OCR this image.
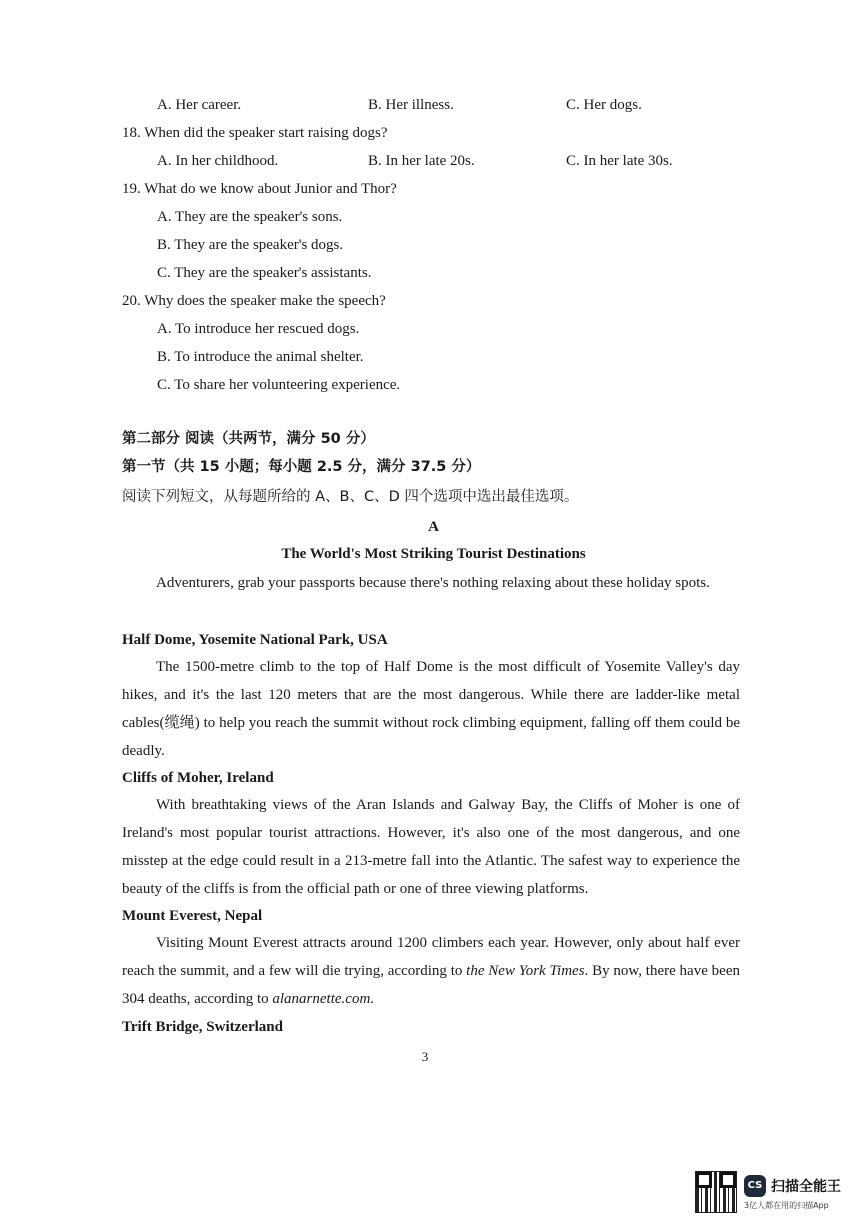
A. Her career.	B. Her illness.	C. Her dogs.
18. When did the speaker start raising dogs?
A. In her childhood.	B. In her late 20s.	C. In her late 30s.
19. What do we know about Junior and Thor?
A. They are the speaker's sons.
B. They are the speaker's dogs.
C. They are the speaker's assistants.
20. Why does the speaker make the speech?
A. To introduce her rescued dogs.
B. To introduce the animal shelter.
C. To share her volunteering experience.
第二部分 阅读（共两节，满分 50 分）
第一节（共 15 小题；每小题 2.5 分，满分 37.5 分）
阅读下列短文，从每题所给的 A、B、C、D 四个选项中选出最佳选项。
A
The World's Most Striking Tourist Destinations
Adventurers, grab your passports because there's nothing relaxing about these holiday spots.
Half Dome, Yosemite National Park, USA
The 1500-metre climb to the top of Half Dome is the most difficult of Yosemite Valley's day hikes, and it's the last 120 meters that are the most dangerous. While there are ladder-like metal cables(缆绳) to help you reach the summit without rock climbing equipment, falling off them could be deadly.
Cliffs of Moher, Ireland
With breathtaking views of the Aran Islands and Galway Bay, the Cliffs of Moher is one of Ireland's most popular tourist attractions. However, it's also one of the most dangerous, and one misstep at the edge could result in a 213-metre fall into the Atlantic. The safest way to experience the beauty of the cliffs is from the official path or one of three viewing platforms.
Mount Everest, Nepal
Visiting Mount Everest attracts around 1200 climbers each year. However, only about half ever reach the summit, and a few will die trying, according to the New York Times. By now, there have been 304 deaths, according to alanarnette.com.
Trift Bridge, Switzerland
3
CS 扫描全能王
3亿人都在用的扫描App
